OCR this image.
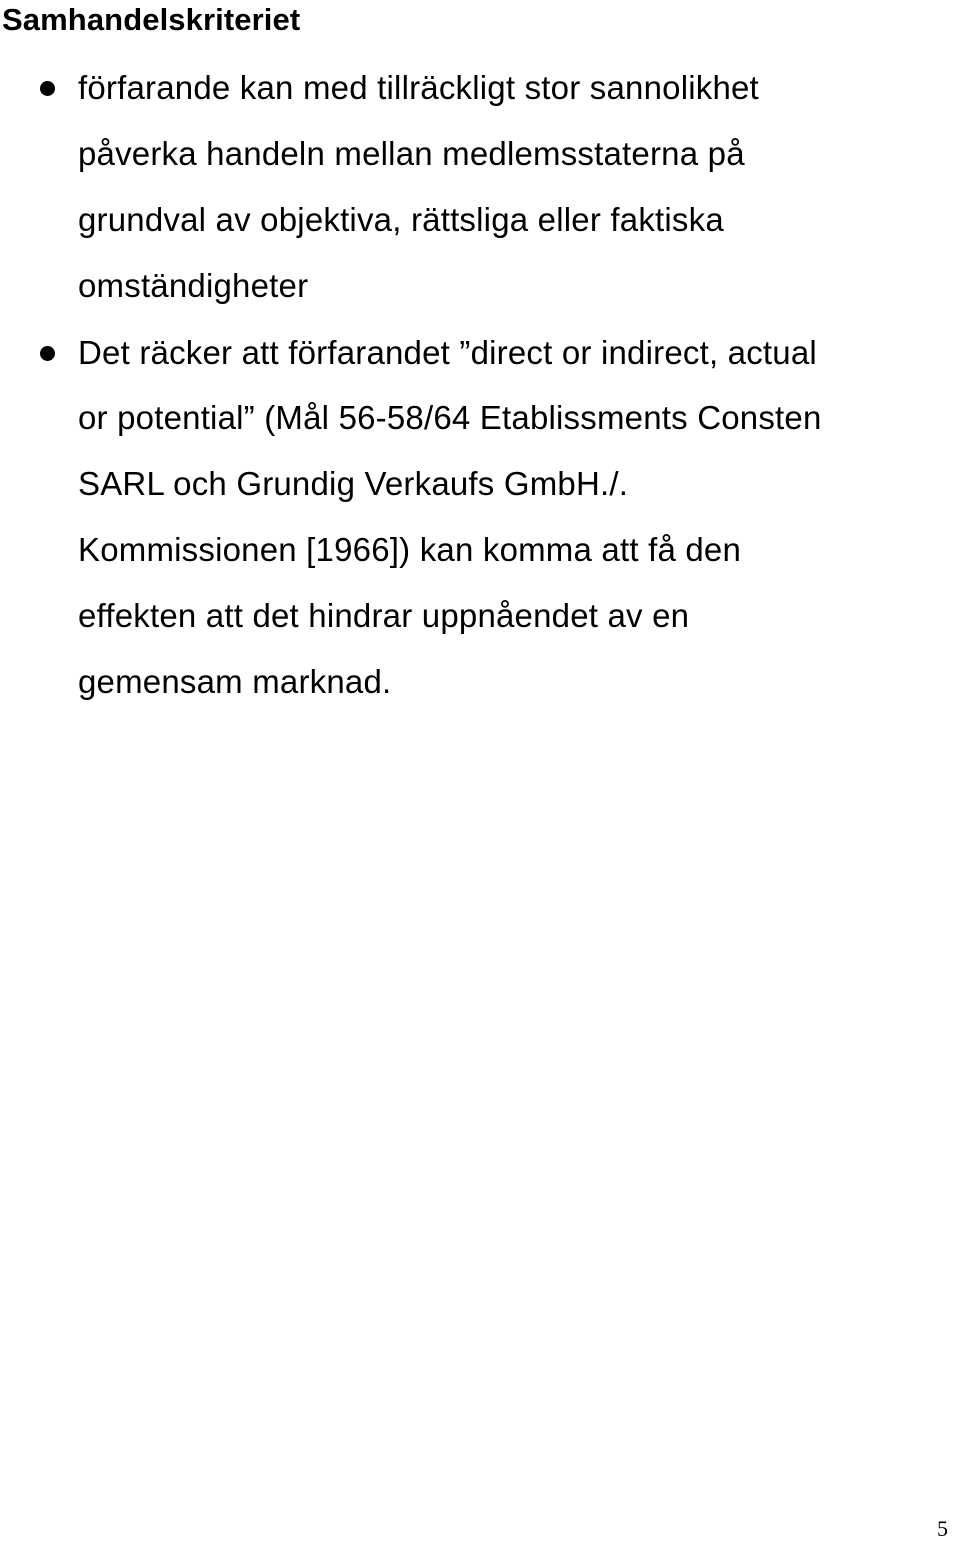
Samhandelskriteriet
förfarande kan med tillräckligt stor sannolikhet
påverka handeln mellan medlemsstaterna på
grundval av objektiva, rättsliga eller faktiska
omständigheter
Det räcker att förfarandet ”direct or indirect, actual
or potential” (Mål 56-58/64 Etablissments Consten
SARL och Grundig Verkaufs GmbH./.
Kommissionen [1966]) kan komma att få den
effekten att det hindrar uppnåendet av en
gemensam marknad.
5
